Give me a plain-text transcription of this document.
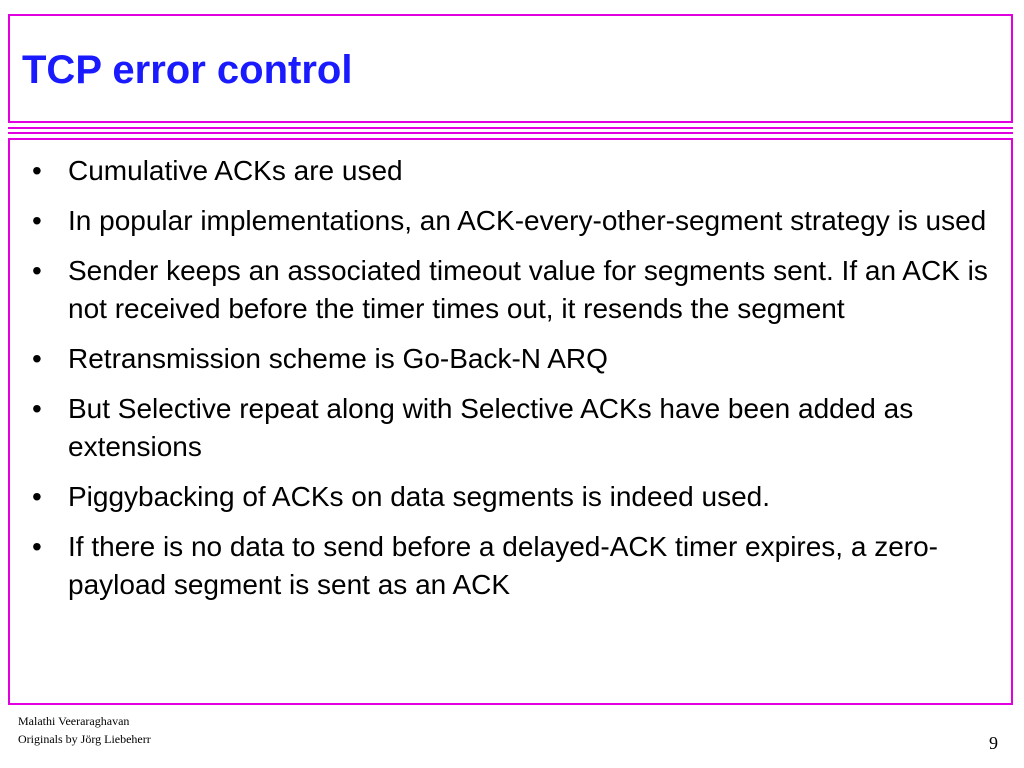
TCP error control
• Cumulative ACKs are used
• In popular implementations, an ACK-every-other-segment strategy is used
• Sender keeps an associated timeout value for segments sent. If an ACK is not received before the timer times out, it resends the segment
• Retransmission scheme is Go-Back-N ARQ
• But Selective repeat along with Selective ACKs have been added as extensions
• Piggybacking of ACKs on data segments is indeed used.
• If there is no data to send before a delayed-ACK timer expires, a zero-payload segment is sent as an ACK
Malathi Veeraraghavan
Originals by Jörg Liebeherr	9
